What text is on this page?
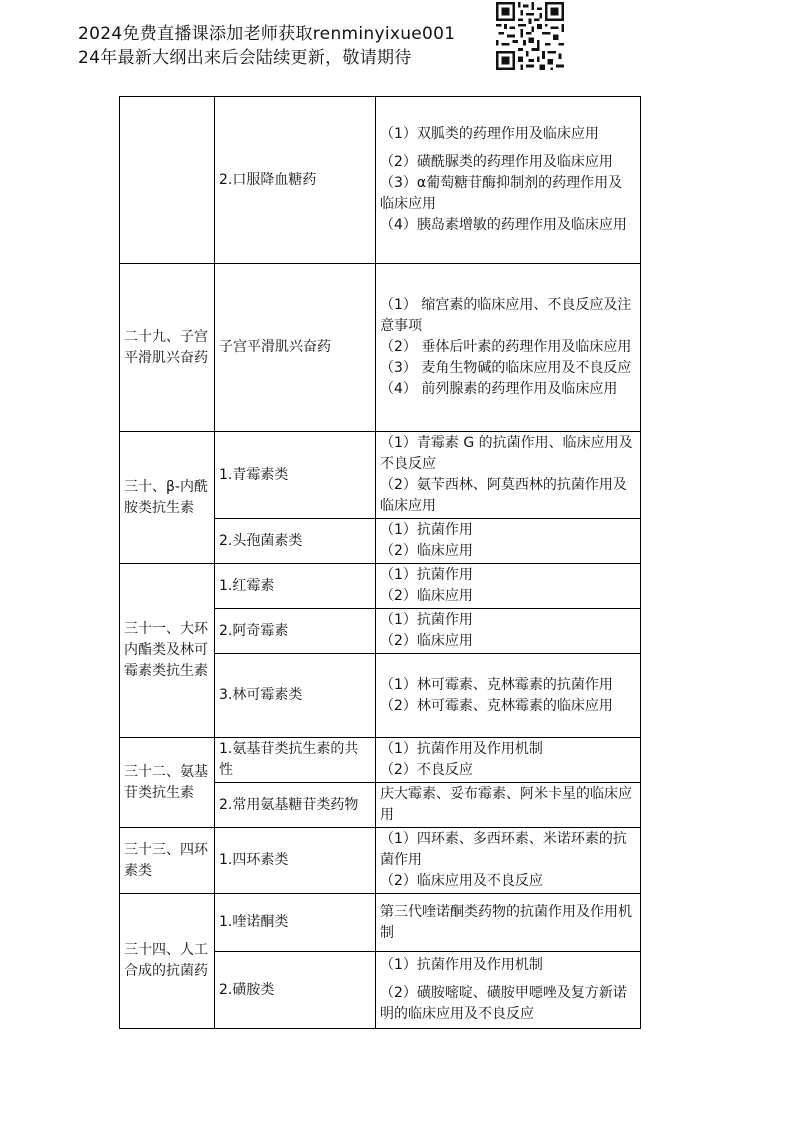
2024免费直播课添加老师获取renminyixue001
24年最新大纲出来后会陆续更新，敬请期待
	2.口服降血糖药	（1）双胍类的药理作用及临床应用
（2）磺酰脲类的药理作用及临床应用
（3）α葡萄糖苷酶抑制剂的药理作用及临床应用
（4）胰岛素增敏的药理作用及临床应用

二十九、子宫平滑肌兴奋药	子宫平滑肌兴奋药	（1） 缩宫素的临床应用、不良反应及注意事项
（2） 垂体后叶素的药理作用及临床应用
（3） 麦角生物碱的临床应用及不良反应
（4） 前列腺素的药理作用及临床应用

三十、β-内酰胺类抗生素	1.青霉素类	（1）青霉素 G 的抗菌作用、临床应用及不良反应
（2）氨苄西林、阿莫西林的抗菌作用及临床应用

	2.头孢菌素类	（1）抗菌作用
（2）临床应用

三十一、大环内酯类及林可霉素类抗生素	1.红霉素	（1）抗菌作用
（2）临床应用

	2.阿奇霉素	（1）抗菌作用
（2）临床应用

	3.林可霉素类	（1）林可霉素、克林霉素的抗菌作用
（2）林可霉素、克林霉素的临床应用

三十二、氨基苷类抗生素	1.氨基苷类抗生素的共性	（1）抗菌作用及作用机制
（2）不良反应

	2.常用氨基糖苷类药物	庆大霉素、妥布霉素、阿米卡星的临床应用

三十三、四环素类	1.四环素类	（1）四环素、多西环素、米诺环素的抗菌作用
（2）临床应用及不良反应

三十四、人工合成的抗菌药	1.喹诺酮类	第三代喹诺酮类药物的抗菌作用及作用机制

	2.磺胺类	（1）抗菌作用及作用机制
（2）磺胺嘧啶、磺胺甲噁唑及复方新诺明的临床应用及不良反应
